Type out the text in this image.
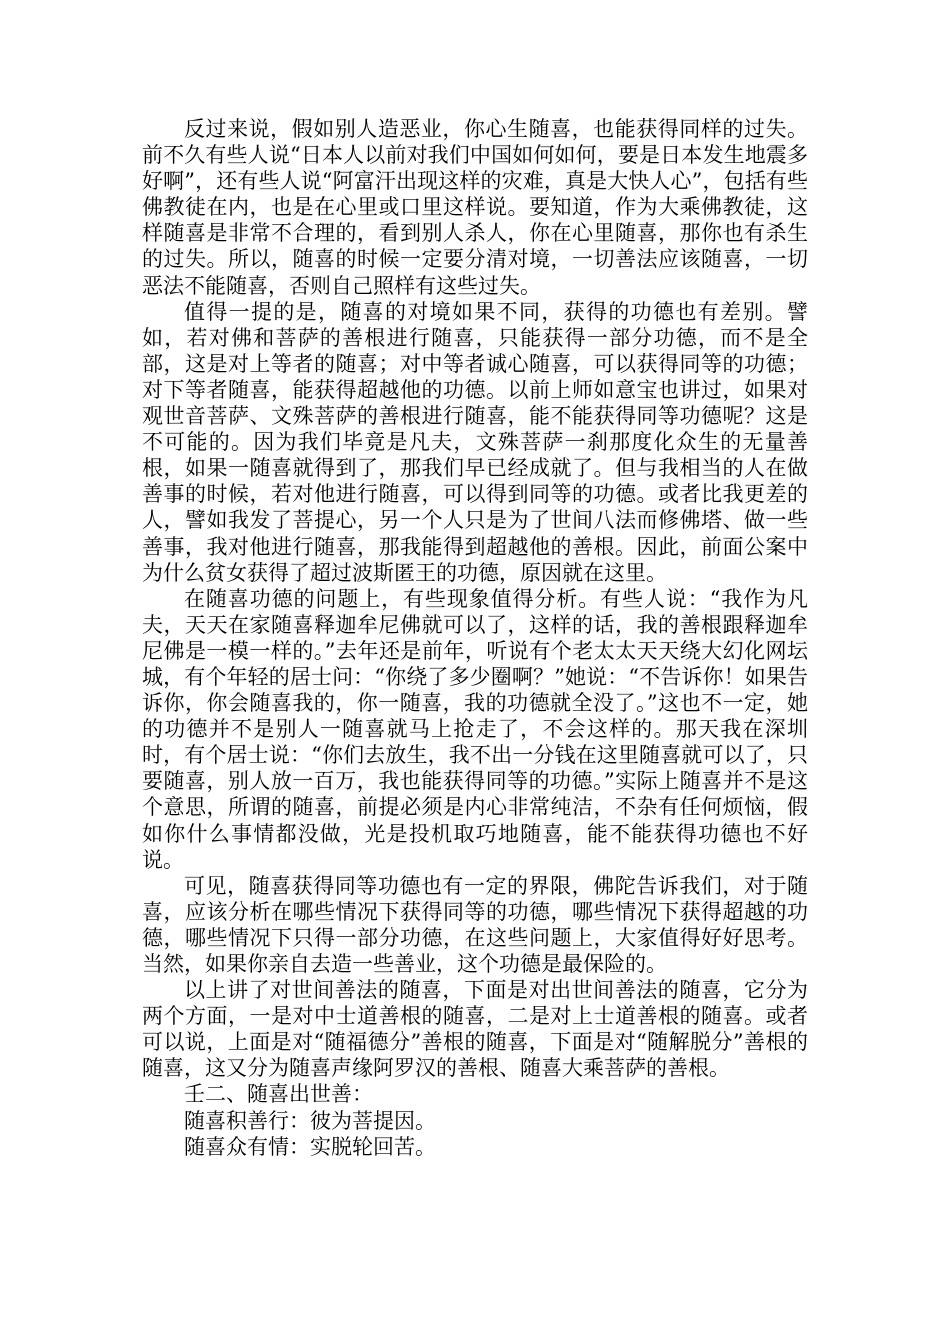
反过来说，假如别人造恶业，你心生随喜，也能获得同样的过失。前不久有些人说“日本人以前对我们中国如何如何，要是日本发生地震多好啊”，还有些人说“阿富汗出现这样的灾难，真是大快人心”，包括有些佛教徒在内，也是在心里或口里这样说。要知道，作为大乘佛教徒，这样随喜是非常不合理的，看到别人杀人，你在心里随喜，那你也有杀生的过失。所以，随喜的时候一定要分清对境，一切善法应该随喜，一切恶法不能随喜，否则自己照样有这些过失。

值得一提的是，随喜的对境如果不同，获得的功德也有差别。譬如，若对佛和菩萨的善根进行随喜，只能获得一部分功德，而不是全部，这是对上等者的随喜；对中等者诚心随喜，可以获得同等的功德；对下等者随喜，能获得超越他的功德。以前上师如意宝也讲过，如果对观世音菩萨、文殊菩萨的善根进行随喜，能不能获得同等功德呢？这是不可能的。因为我们毕竟是凡夫，文殊菩萨一刹那度化众生的无量善根，如果一随喜就得到了，那我们早已经成就了。但与我相当的人在做善事的时候，若对他进行随喜，可以得到同等的功德。或者比我更差的人，譬如我发了菩提心，另一个人只是为了世间八法而修佛塔、做一些善事，我对他进行随喜，那我能得到超越他的善根。因此，前面公案中为什么贫女获得了超过波斯匿王的功德，原因就在这里。

在随喜功德的问题上，有些现象值得分析。有些人说：“我作为凡夫，天天在家随喜释迦牟尼佛就可以了，这样的话，我的善根跟释迦牟尼佛是一模一样的。”去年还是前年，听说有个老太太天天绕大幻化网坛城，有个年轻的居士问：“你绕了多少圈啊？”她说：“不告诉你！如果告诉你，你会随喜我的，你一随喜，我的功德就全没了。”这也不一定，她的功德并不是别人一随喜就马上抢走了，不会这样的。那天我在深圳时，有个居士说：“你们去放生，我不出一分钱在这里随喜就可以了，只要随喜，别人放一百万，我也能获得同等的功德。”实际上随喜并不是这个意思，所谓的随喜，前提必须是内心非常纯洁，不杂有任何烦恼，假如你什么事情都没做，光是投机取巧地随喜，能不能获得功德也不好说。

可见，随喜获得同等功德也有一定的界限，佛陀告诉我们，对于随喜，应该分析在哪些情况下获得同等的功德，哪些情况下获得超越的功德，哪些情况下只得一部分功德，在这些问题上，大家值得好好思考。当然，如果你亲自去造一些善业，这个功德是最保险的。

以上讲了对世间善法的随喜，下面是对出世间善法的随喜，它分为两个方面，一是对中士道善根的随喜，二是对上士道善根的随喜。或者可以说，上面是对“随福德分”善根的随喜，下面是对“随解脱分”善根的随喜，这又分为随喜声缘阿罗汉的善根、随喜大乘菩萨的善根。

壬二、随喜出世善：

随喜积善行：彼为菩提因。

随喜众有情：实脱轮回苦。
